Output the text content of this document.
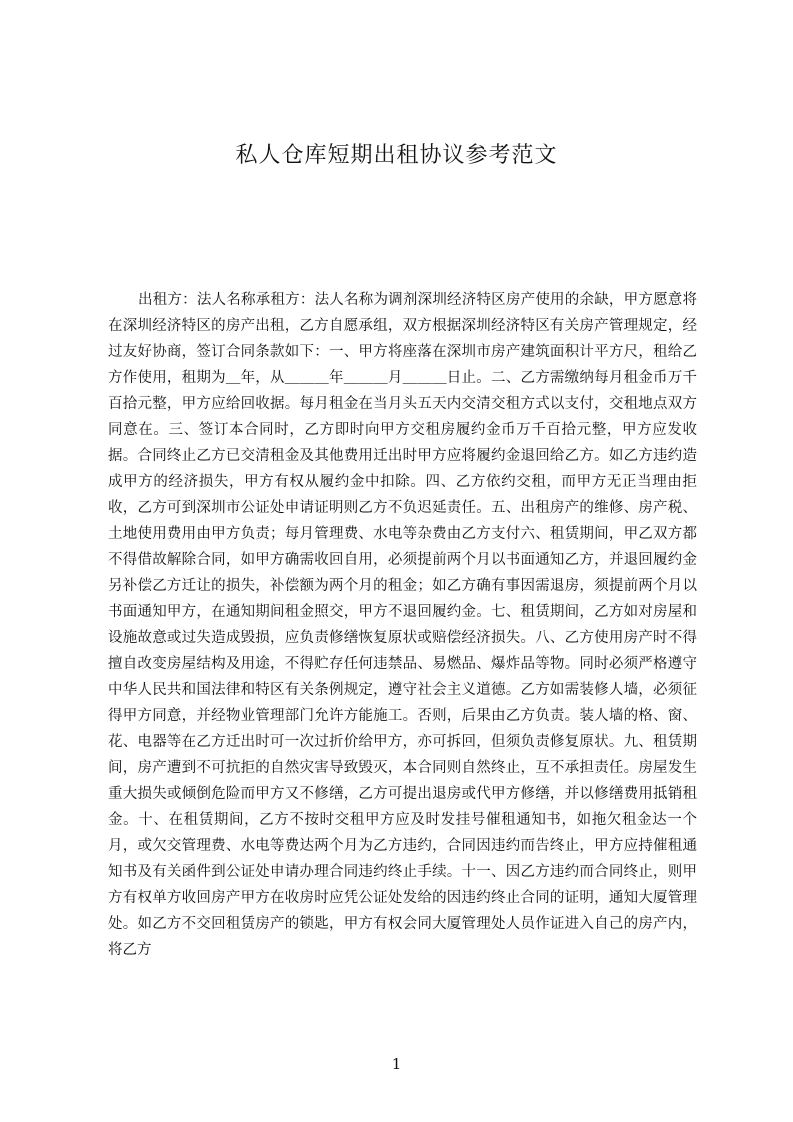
私人仓库短期出租协议参考范文

出租方：法人名称承租方：法人名称为调剂深圳经济特区房产使用的余缺，甲方愿意将在深圳经济特区的房产出租，乙方自愿承组，双方根据深圳经济特区有关房产管理规定，经过友好协商，签订合同条款如下：一、甲方将座落在深圳市房产建筑面积计平方尺，租给乙方作使用，租期为＿年，从＿＿＿年＿＿＿月＿＿＿日止。二、乙方需缴纳每月租金币万千百拾元整，甲方应给回收据。每月租金在当月头五天内交清交租方式以支付，交租地点双方同意在。三、签订本合同时，乙方即时向甲方交租房履约金币万千百拾元整，甲方应发收据。合同终止乙方已交清租金及其他费用迁出时甲方应将履约金退回给乙方。如乙方违约造成甲方的经济损失，甲方有权从履约金中扣除。四、乙方依约交租，而甲方无正当理由拒收，乙方可到深圳市公证处申请证明则乙方不负迟延责任。五、出租房产的维修、房产税、土地使用费用由甲方负责；每月管理费、水电等杂费由乙方支付六、租赁期间，甲乙双方都不得借故解除合同，如甲方确需收回自用，必须提前两个月以书面通知乙方，并退回履约金另补偿乙方迁让的损失，补偿额为两个月的租金；如乙方确有事因需退房，须提前两个月以书面通知甲方，在通知期间租金照交，甲方不退回履约金。七、租赁期间，乙方如对房屋和设施故意或过失造成毁损，应负责修缮恢复原状或赔偿经济损失。八、乙方使用房产时不得擅自改变房屋结构及用途，不得贮存任何违禁品、易燃品、爆炸品等物。同时必须严格遵守中华人民共和国法律和特区有关条例规定，遵守社会主义道德。乙方如需装修人墙，必须征得甲方同意，并经物业管理部门允许方能施工。否则，后果由乙方负责。装人墙的格、窗、花、电器等在乙方迁出时可一次过折价给甲方，亦可拆回，但须负责修复原状。九、租赁期间，房产遭到不可抗拒的自然灾害导致毁灭，本合同则自然终止，互不承担责任。房屋发生重大损失或倾倒危险而甲方又不修缮，乙方可提出退房或代甲方修缮，并以修缮费用抵销租金。十、在租赁期间，乙方不按时交租甲方应及时发挂号催租通知书，如拖欠租金达一个月，或欠交管理费、水电等费达两个月为乙方违约，合同因违约而告终止，甲方应持催租通知书及有关函件到公证处申请办理合同违约终止手续。十一、因乙方违约而合同终止，则甲方有权单方收回房产甲方在收房时应凭公证处发给的因违约终止合同的证明，通知大厦管理处。如乙方不交回租赁房产的锁匙，甲方有权会同大厦管理处人员作证进入自己的房产内，将乙方

1
